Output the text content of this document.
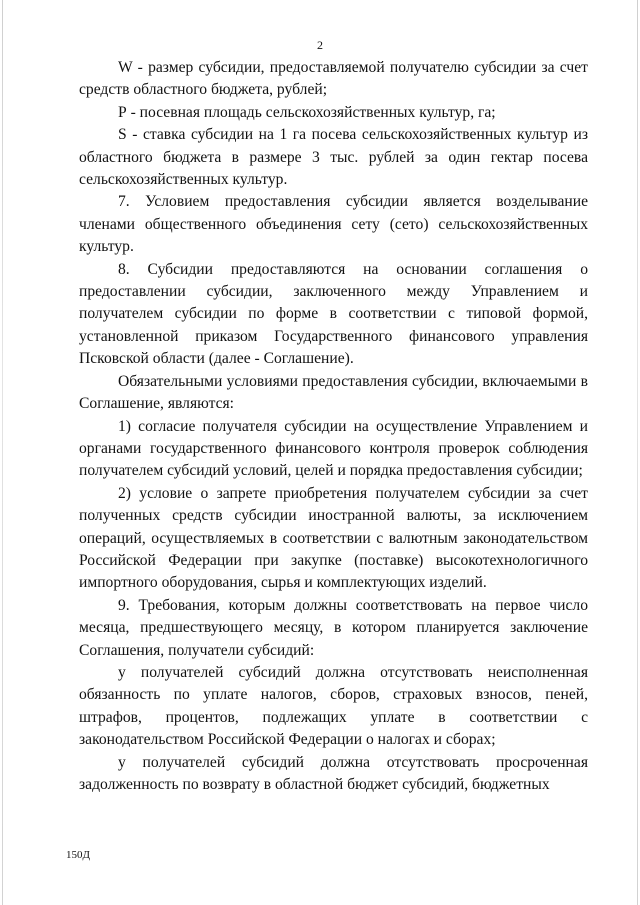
2

W - размер субсидии, предоставляемой получателю субсидии за счет средств областного бюджета, рублей;

Р - посевная площадь сельскохозяйственных культур, га;

S - ставка субсидии на 1 га посева сельскохозяйственных культур из областного бюджета в размере 3 тыс. рублей за один гектар посева сельскохозяйственных культур.

7. Условием предоставления субсидии является возделывание членами общественного объединения сету (сето) сельскохозяйственных культур.

8. Субсидии предоставляются на основании соглашения о предоставлении субсидии, заключенного между Управлением и получателем субсидии по форме в соответствии с типовой формой, установленной приказом Государственного финансового управления Псковской области (далее - Соглашение).

Обязательными условиями предоставления субсидии, включаемыми в Соглашение, являются:

1) согласие получателя субсидии на осуществление Управлением и органами государственного финансового контроля проверок соблюдения получателем субсидий условий, целей и порядка предоставления субсидии;

2) условие о запрете приобретения получателем субсидии за счет полученных средств субсидии иностранной валюты, за исключением операций, осуществляемых в соответствии с валютным законодательством Российской Федерации при закупке (поставке) высокотехнологичного импортного оборудования, сырья и комплектующих изделий.

9. Требования, которым должны соответствовать на первое число месяца, предшествующего месяцу, в котором планируется заключение Соглашения, получатели субсидий:

у получателей субсидий должна отсутствовать неисполненная обязанность по уплате налогов, сборов, страховых взносов, пеней, штрафов, процентов, подлежащих уплате в соответствии с законодательством Российской Федерации о налогах и сборах;

у получателей субсидий должна отсутствовать просроченная задолженность по возврату в областной бюджет субсидий, бюджетных

150Д
